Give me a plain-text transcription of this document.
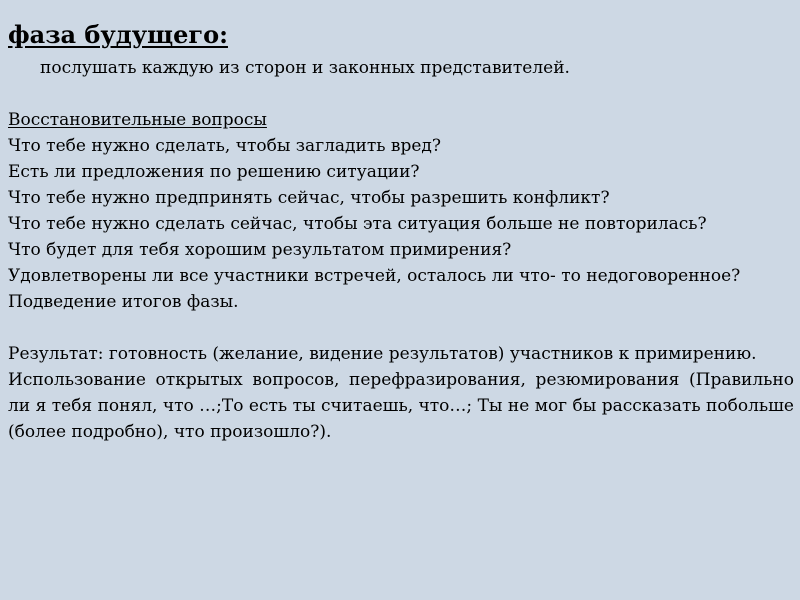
фаза будущего:

послушать каждую из сторон и законных представителей.

Восстановительные вопросы

Что тебе нужно сделать, чтобы загладить вред?

Есть ли предложения по решению ситуации?

Что тебе нужно предпринять сейчас, чтобы разрешить конфликт?

Что тебе нужно сделать сейчас, чтобы эта ситуация больше не повторилась?

Что будет для тебя хорошим результатом примирения?

Удовлетворены ли все участники встречей, осталось ли что- то недоговоренное?

Подведение итогов фазы.

Результат: готовность (желание, видение результатов) участников к примирению.

Использование открытых вопросов, перефразирования, резюмирования (Правильно ли я тебя понял, что …;То есть ты считаешь, что…; Ты не мог бы рассказать побольше (более подробно), что произошло?).
